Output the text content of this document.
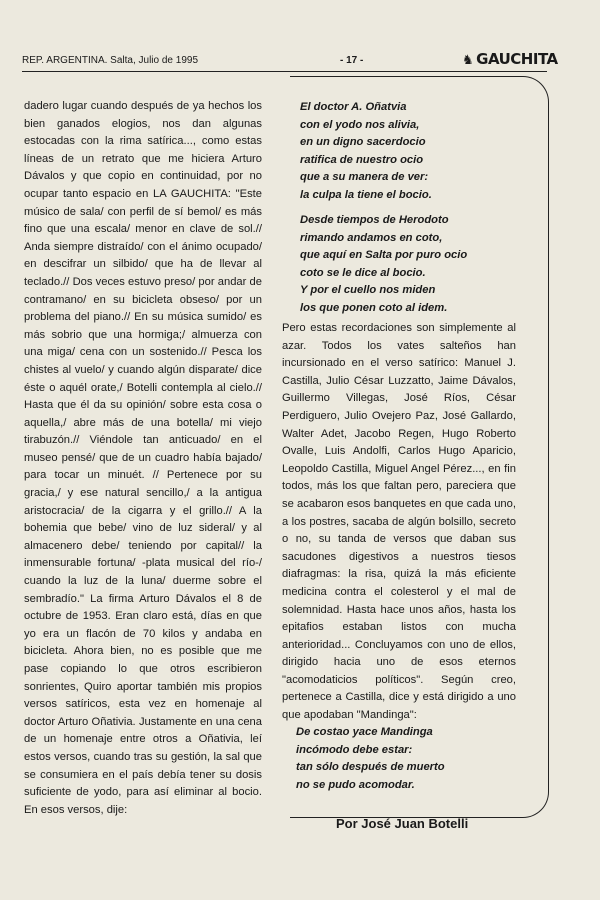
REP. ARGENTINA. Salta, Julio de 1995	- 17 -	♞ GAUCHITA

dadero lugar cuando después de ya hechos los bien ganados elogios, nos dan algunas estocadas con la rima satírica..., como estas líneas de un retrato que me hiciera Arturo Dávalos y que copio en continuidad, por no ocupar tanto espacio en LA GAUCHITA: "Este músico de sala/ con perfil de sí bemol/ es más fino que una escala/ menor en clave de sol.// Anda siempre distraído/ con el ánimo ocupado/ en descifrar un silbido/ que ha de llevar al teclado.// Dos veces estuvo preso/ por andar de contramano/ en su bicicleta obseso/ por un problema del piano.// En su música sumido/ es más sobrio que una hormiga;/ almuerza con una miga/ cena con un sostenido.// Pesca los chistes al vuelo/ y cuando algún disparate/ dice éste o aquél orate,/ Botelli contempla al cielo.// Hasta que él da su opinión/ sobre esta cosa o aquella,/ abre más de una botella/ mi viejo tirabuzón.// Viéndole tan anticuado/ en el museo pensé/ que de un cuadro había bajado/ para tocar un minuét. // Pertenece por su gracia,/ y ese natural sencillo,/ a la antigua aristocracia/ de la cigarra y el grillo.// A la bohemia que bebe/ vino de luz sideral/ y al almacenero debe/ teniendo por capital// la inmensurable fortuna/ -plata musical del río-/ cuando la luz de la luna/ duerme sobre el sembradío." La firma Arturo Dávalos el 8 de octubre de 1953. Eran claro está, días en que yo era un flacón de 70 kilos y andaba en bicicleta. Ahora bien, no es posible que me pase copiando lo que otros escribieron sonrientes, Quiro aportar también mis propios versos satíricos, esta vez en homenaje al doctor Arturo Oñativia. Justamente en una cena de un homenaje entre otros a Oñativia, leí estos versos, cuando tras su gestión, la sal que se consumiera en el país debía tener su dosis suficiente de yodo, para así eliminar al bocio. En esos versos, dije:

El doctor A. Oñatvia
con el yodo nos alivia,
en un digno sacerdocio
ratifica de nuestro ocio
que a su manera de ver:
la culpa la tiene el bocio.
Desde tiempos de Herodoto
rimando andamos en coto,
que aquí en Salta por puro ocio
coto se le dice al bocio.
Y por el cuello nos miden
los que ponen coto al idem.

Pero estas recordaciones son simplemente al azar. Todos los vates salteños han incursionado en el verso satírico: Manuel J. Castilla, Julio César Luzzatto, Jaime Dávalos, Guillermo Villegas, José Ríos, César Perdiguero, Julio Ovejero Paz, José Gallardo, Walter Adet, Jacobo Regen, Hugo Roberto Ovalle, Luis Andolfi, Carlos Hugo Aparicio, Leopoldo Castilla, Miguel Angel Pérez..., en fin todos, más los que faltan pero, pareciera que se acabaron esos banquetes en que cada uno, a los postres, sacaba de algún bolsillo, secreto o no, su tanda de versos que daban sus sacudones digestivos a nuestros tiesos diafragmas: la risa, quizá la más eficiente medicina contra el colesterol y el mal de solemnidad. Hasta hace unos años, hasta los epitafios estaban listos con mucha anterioridad... Concluyamos con uno de ellos, dirigido hacia uno de esos eternos "acomodaticios políticos". Según creo, pertenece a Castilla, dice y está dirigido a uno que apodaban "Mandinga":

De costao yace Mandinga
incómodo debe estar:
tan sólo después de muerto
no se pudo acomodar.
Por José Juan Botelli
